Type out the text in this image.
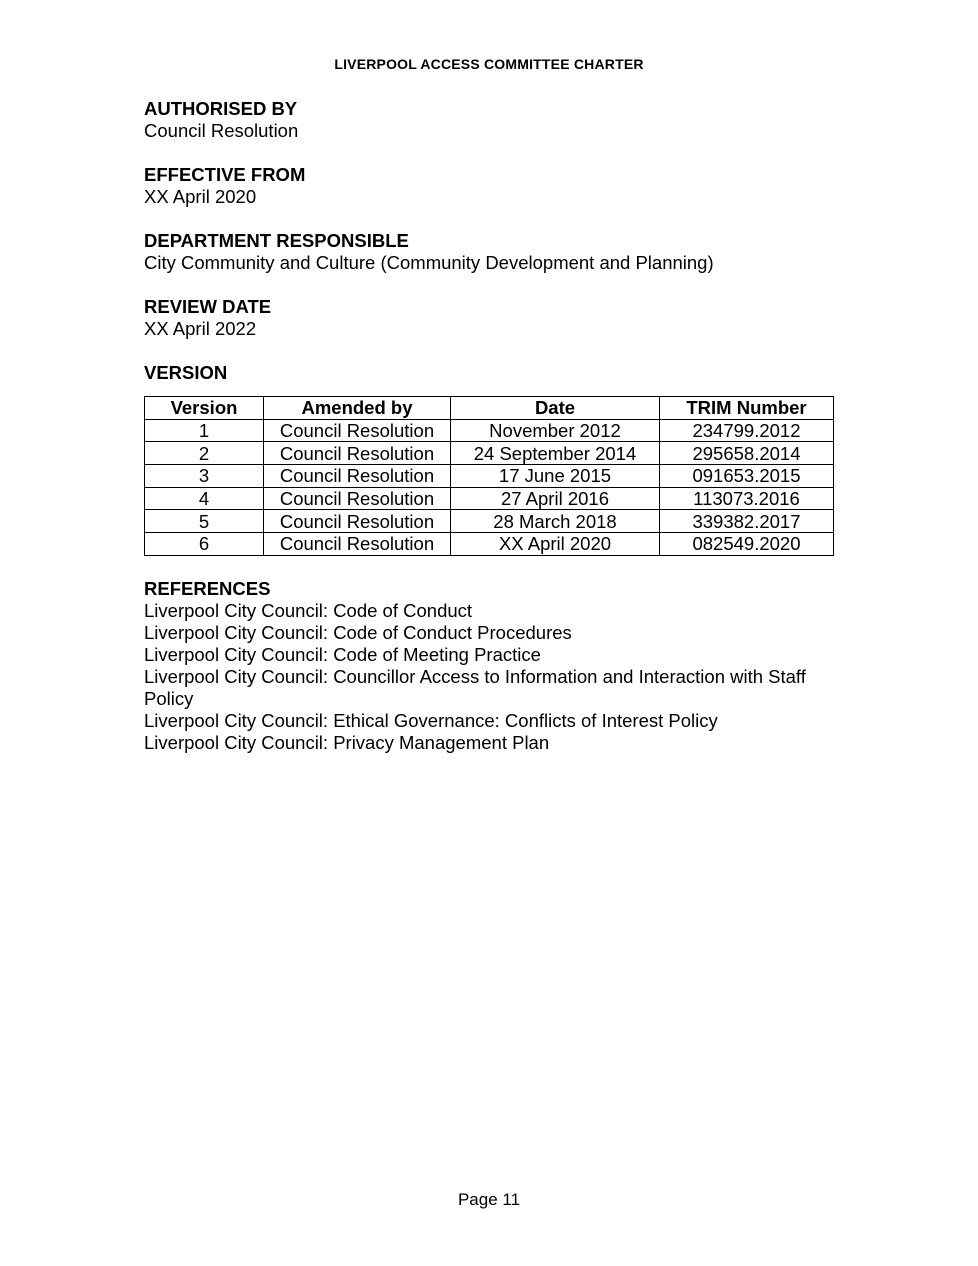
LIVERPOOL ACCESS COMMITTEE CHARTER
AUTHORISED BY
Council Resolution
EFFECTIVE FROM
XX April 2020
DEPARTMENT RESPONSIBLE
City Community and Culture (Community Development and Planning)
REVIEW DATE
XX April 2022
VERSION
Version	Amended by	Date	TRIM Number
1	Council Resolution	November 2012	234799.2012
2	Council Resolution	24 September 2014	295658.2014
3	Council Resolution	17 June 2015	091653.2015
4	Council Resolution	27 April 2016	113073.2016
5	Council Resolution	28 March 2018	339382.2017
6	Council Resolution	XX April 2020	082549.2020
REFERENCES
Liverpool City Council: Code of Conduct
Liverpool City Council: Code of Conduct Procedures
Liverpool City Council: Code of Meeting Practice
Liverpool City Council: Councillor Access to Information and Interaction with Staff Policy
Liverpool City Council: Ethical Governance: Conflicts of Interest Policy
Liverpool City Council: Privacy Management Plan
Page 11
